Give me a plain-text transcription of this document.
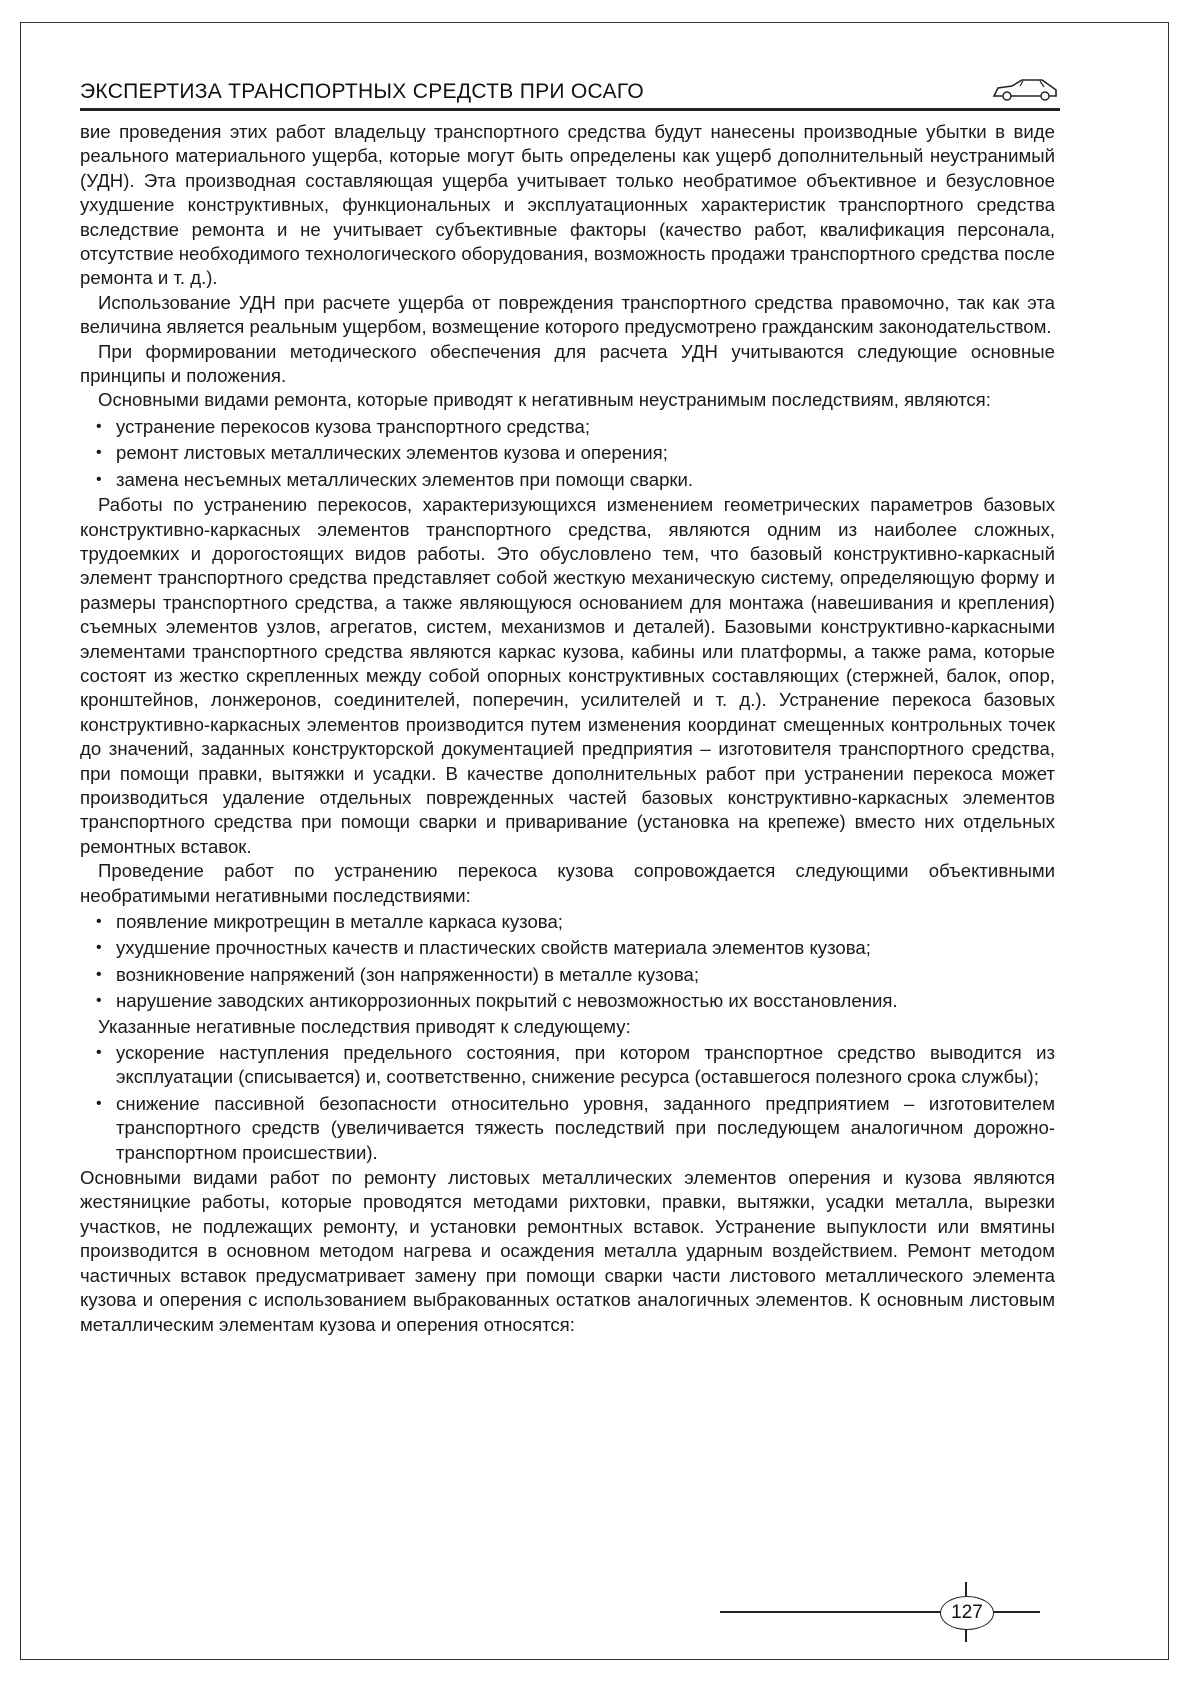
ЭКСПЕРТИЗА ТРАНСПОРТНЫХ СРЕДСТВ ПРИ ОСАГО

вие проведения этих работ владельцу транспортного средства будут нанесены производные убытки в виде реального материального ущерба, которые могут быть определены как ущерб дополнительный неустранимый (УДН). Эта производная составляющая ущерба учитывает только необратимое объективное и безусловное ухудшение конструктивных, функциональных и эксплуатационных характеристик транспортного средства вследствие ремонта и не учитывает субъективные факторы (качество работ, квалификация персонала, отсутствие необходимого технологического оборудования, возможность продажи транспортного средства после ремонта и т. д.).

Использование УДН при расчете ущерба от повреждения транспортного средства правомочно, так как эта величина является реальным ущербом, возмещение которого предусмотрено гражданским законодательством.

При формировании методического обеспечения для расчета УДН учитываются следующие основные принципы и положения.

Основными видами ремонта, которые приводят к негативным неустранимым последствиям, являются:

• устранение перекосов кузова транспортного средства;
• ремонт листовых металлических элементов кузова и оперения;
• замена несъемных металлических элементов при помощи сварки.

Работы по устранению перекосов, характеризующихся изменением геометрических параметров базовых конструктивно-каркасных элементов транспортного средства, являются одним из наиболее сложных, трудоемких и дорогостоящих видов работы. Это обусловлено тем, что базовый конструктивно-каркасный элемент транспортного средства представляет собой жесткую механическую систему, определяющую форму и размеры транспортного средства, а также являющуюся основанием для монтажа (навешивания и крепления) съемных элементов узлов, агрегатов, систем, механизмов и деталей). Базовыми конструктивно-каркасными элементами транспортного средства являются каркас кузова, кабины или платформы, а также рама, которые состоят из жестко скрепленных между собой опорных конструктивных составляющих (стержней, балок, опор, кронштейнов, лонжеронов, соединителей, поперечин, усилителей и т. д.). Устранение перекоса базовых конструктивно-каркасных элементов производится путем изменения координат смещенных контрольных точек до значений, заданных конструкторской документацией предприятия – изготовителя транспортного средства, при помощи правки, вытяжки и усадки. В качестве дополнительных работ при устранении перекоса может производиться удаление отдельных поврежденных частей базовых конструктивно-каркасных элементов транспортного средства при помощи сварки и приваривание (установка на крепеже) вместо них отдельных ремонтных вставок.

Проведение работ по устранению перекоса кузова сопровождается следующими объективными необратимыми негативными последствиями:

• появление микротрещин в металле каркаса кузова;
• ухудшение прочностных качеств и пластических свойств материала элементов кузова;
• возникновение напряжений (зон напряженности) в металле кузова;
• нарушение заводских антикоррозионных покрытий с невозможностью их восстановления.

Указанные негативные последствия приводят к следующему:

• ускорение наступления предельного состояния, при котором транспортное средство выводится из эксплуатации (списывается) и, соответственно, снижение ресурса (оставшегося полезного срока службы);
• снижение пассивной безопасности относительно уровня, заданного предприятием – изготовителем транспортного средств (увеличивается тяжесть последствий при последующем аналогичном дорожно-транспортном происшествии).

Основными видами работ по ремонту листовых металлических элементов оперения и кузова являются жестяницкие работы, которые проводятся методами рихтовки, правки, вытяжки, усадки металла, вырезки участков, не подлежащих ремонту, и установки ремонтных вставок. Устранение выпуклости или вмятины производится в основном методом нагрева и осаждения металла ударным воздействием. Ремонт методом частичных вставок предусматривает замену при помощи сварки части листового металлического элемента кузова и оперения с использованием выбракованных остатков аналогичных элементов. К основным листовым металлическим элементам кузова и оперения относятся:

127
